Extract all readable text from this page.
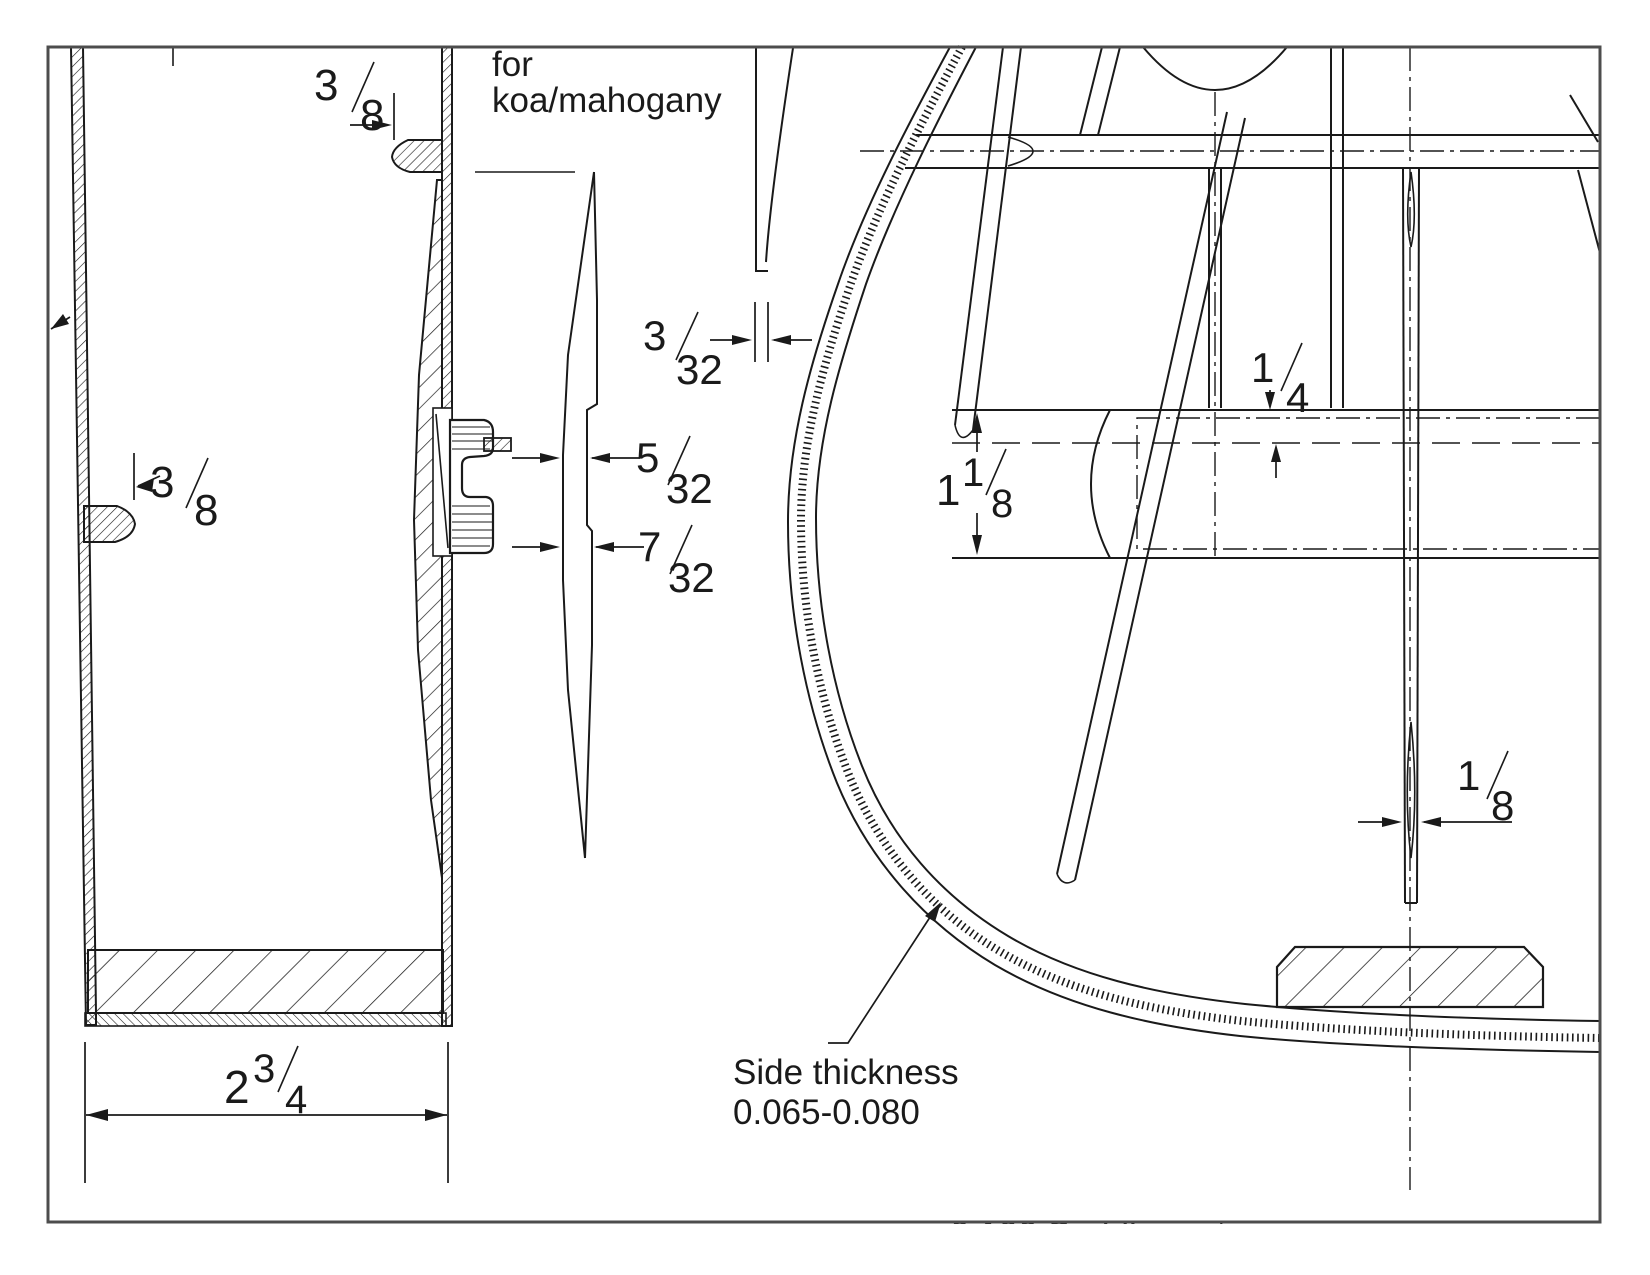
3
8
3
8
2 3
4
5
32
7
32
3
32	1
4
1 1
8
1
8
Side thickness
0.065-0.080
for
koa/mahogany
